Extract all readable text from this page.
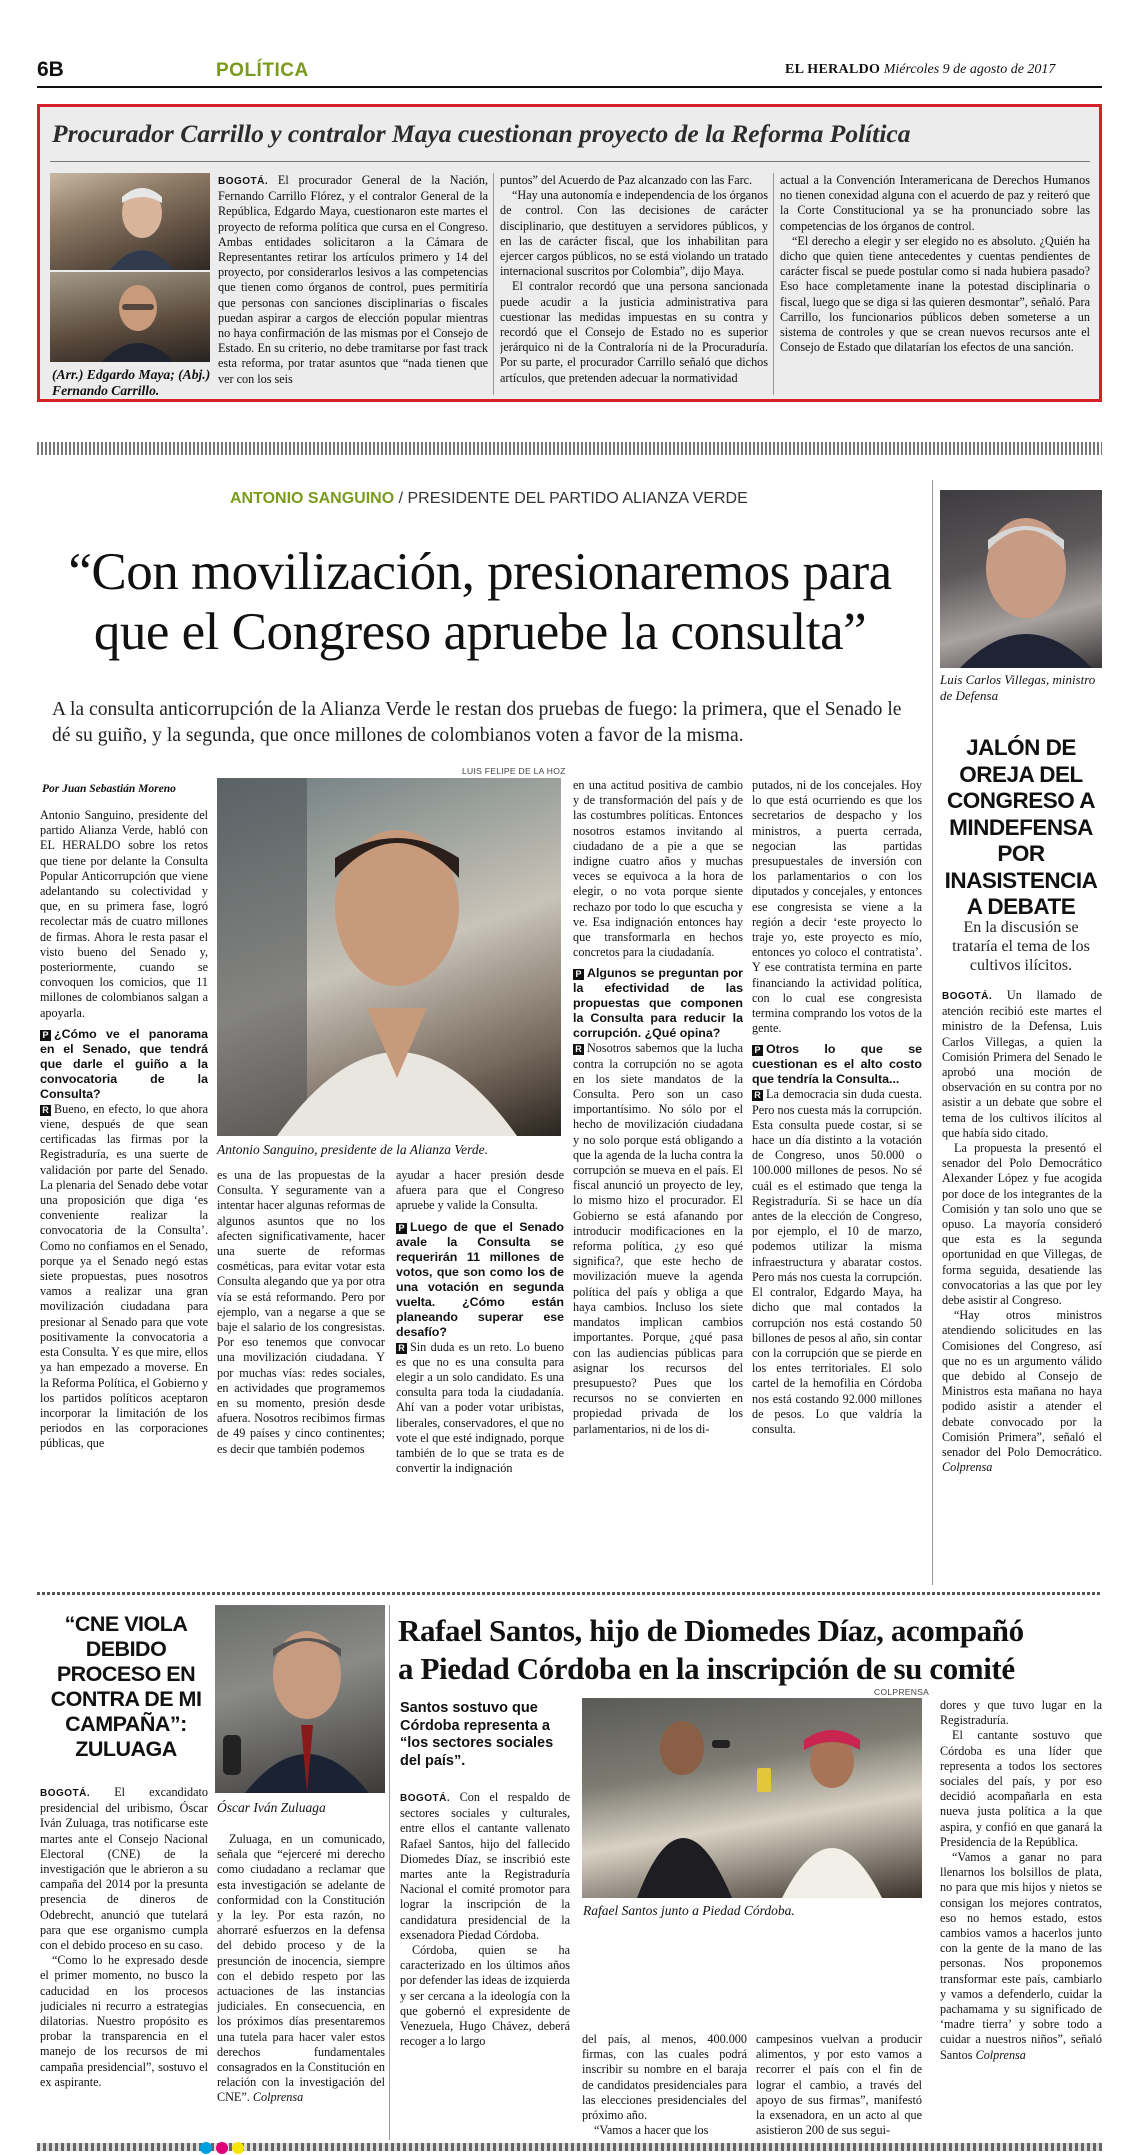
6B	POLÍTICA	EL HERALDO Miércoles 9 de agosto de 2017
Procurador Carrillo y contralor Maya cuestionan proyecto de la Reforma Política
(Arr.) Edgardo Maya; (Abj.) Fernando Carrillo.

BOGOTÁ. El procurador General de la Nación, Fernando Carrillo Flórez, y el contralor General de la República, Edgardo Maya, cuestionaron este martes el proyecto de reforma política que cursa en el Congreso. Ambas entidades solicitaron a la Cámara de Representantes retirar los artículos primero y 14 del proyecto, por considerarlos lesivos a las competencias que tienen como órganos de control, pues permitiría que personas con sanciones disciplinarias o fiscales puedan aspirar a cargos de elección popular mientras no haya confirmación de las mismas por el Consejo de Estado. En su criterio, no debe tramitarse por fast track esta reforma, por tratar asuntos que “nada tienen que ver con los seis

puntos” del Acuerdo de Paz alcanzado con las Farc.

“Hay una autonomía e independencia de los órganos de control. Con las decisiones de carácter disciplinario, que destituyen a servidores públicos, y en las de carácter fiscal, que los inhabilitan para ejercer cargos públicos, no se está violando un tratado internacional suscritos por Colombia”, dijo Maya.

El contralor recordó que una persona sancionada puede acudir a la justicia administrativa para cuestionar las medidas impuestas en su contra y recordó que el Consejo de Estado no es superior jerárquico ni de la Contraloría ni de la Procuraduría. Por su parte, el procurador Carrillo señaló que dichos artículos, que pretenden adecuar la normatividad

actual a la Convención Interamericana de Derechos Humanos no tienen conexidad alguna con el acuerdo de paz y reiteró que la Corte Constitucional ya se ha pronunciado sobre las competencias de los órganos de control.

“El derecho a elegir y ser elegido no es absoluto. ¿Quién ha dicho que quien tiene antecedentes y cuentas pendientes de carácter fiscal se puede postular como si nada hubiera pasado? Eso hace completamente inane la potestad disciplinaria o fiscal, luego que se diga si las quieren desmontar”, señaló. Para Carrillo, los funcionarios públicos deben someterse a un sistema de controles y que se crean nuevos recursos ante el Consejo de Estado que dilatarían los efectos de una sanción.

ANTONIO SANGUINO / PRESIDENTE DEL PARTIDO ALIANZA VERDE
“Con movilización, presionaremos para
que el Congreso apruebe la consulta”
A la consulta anticorrupción de la Alianza Verde le restan dos pruebas de fuego: la primera, que el Senado le dé su guiño, y la segunda, que once millones de colombianos voten a favor de la misma.
Por Juan Sebastián Moreno
LUIS FELIPE DE LA HOZ
Antonio Sanguino, presidente de la Alianza Verde.

Antonio Sanguino, presidente del partido Alianza Verde, habló con EL HERALDO sobre los retos que tiene por delante la Consulta Popular Anticorrupción que viene adelantando su colectividad y que, en su primera fase, logró recolectar más de cuatro millones de firmas. Ahora le resta pasar el visto bueno del Senado y, posteriormente, cuando se convoquen los comicios, que 11 millones de colombianos salgan a apoyarla.

P ¿Cómo ve el panorama en el Senado, que tendrá que darle el guiño a la convocatoria de la Consulta?

R Bueno, en efecto, lo que ahora viene, después de que sean certificadas las firmas por la Registraduría, es una suerte de validación por parte del Senado. La plenaria del Senado debe votar una proposición que diga ‘es conveniente realizar la convocatoria de la Consulta’. Como no confiamos en el Senado, porque ya el Senado negó estas siete propuestas, pues nosotros vamos a realizar una gran movilización ciudadana para presionar al Senado para que vote positivamente la convocatoria a esta Consulta. Y es que mire, ellos ya han empezado a moverse. En la Reforma Política, el Gobierno y los partidos políticos aceptaron incorporar la limitación de los periodos en las corporaciones públicas, que

es una de las propuestas de la Consulta. Y seguramente van a intentar hacer algunas reformas de algunos asuntos que no los afecten significativamente, hacer una suerte de reformas cosméticas, para evitar votar esta Consulta alegando que ya por otra vía se está reformando. Pero por ejemplo, van a negarse a que se baje el salario de los congresistas. Por eso tenemos que convocar una movilización ciudadana. Y por muchas vías: redes sociales, en actividades que programemos en su momento, presión desde afuera. Nosotros recibimos firmas de 49 países y cinco continentes; es decir que también podemos

ayudar a hacer presión desde afuera para que el Congreso apruebe y valide la Consulta.

P Luego de que el Senado avale la Consulta se requerirán 11 millones de votos, que son como los de una votación en segunda vuelta. ¿Cómo están planeando superar ese desafío?

R Sin duda es un reto. Lo bueno es que no es una consulta para elegir a un solo candidato. Es una consulta para toda la ciudadanía. Ahí van a poder votar uribistas, liberales, conservadores, el que no vote el que esté indignado, porque también de lo que se trata es de convertir la indignación

en una actitud positiva de cambio y de transformación del país y de las costumbres políticas. Entonces nosotros estamos invitando al ciudadano de a pie a que se indigne cuatro años y muchas veces se equivoca a la hora de elegir, o no vota porque siente rechazo por todo lo que escucha y ve. Esa indignación entonces hay que transformarla en hechos concretos para la ciudadanía.

P Algunos se preguntan por la efectividad de las propuestas que componen la Consulta para reducir la corrupción. ¿Qué opina?

R Nosotros sabemos que la lucha contra la corrupción no se agota en los siete mandatos de la Consulta. Pero son un caso importantísimo. No sólo por el hecho de movilización ciudadana y no solo porque está obligando a que la agenda de la lucha contra la corrupción se mueva en el país. El fiscal anunció un proyecto de ley, lo mismo hizo el procurador. El Gobierno se está afanando por introducir modificaciones en la reforma política, ¿y eso qué significa?, que este hecho de movilización mueve la agenda política del país y obliga a que haya cambios. Incluso los siete mandatos implican cambios importantes. Porque, ¿qué pasa con las audiencias públicas para asignar los recursos del presupuesto? Pues que los recursos no se convierten en propiedad privada de los parlamentarios, ni de los di-

putados, ni de los concejales. Hoy lo que está ocurriendo es que los secretarios de despacho y los ministros, a puerta cerrada, negocian las partidas presupuestales de inversión con los parlamentarios o con los diputados y concejales, y entonces ese congresista se viene a la región a decir ‘este proyecto lo traje yo, este proyecto es mío, entonces yo coloco el contratista’. Y ese contratista termina en parte financiando la actividad política, con lo cual ese congresista termina comprando los votos de la gente.

P Otros lo que se cuestionan es el alto costo que tendría la Consulta...

R La democracia sin duda cuesta. Pero nos cuesta más la corrupción. Esta consulta puede costar, si se hace un día distinto a la votación de Congreso, unos 50.000 o 100.000 millones de pesos. No sé cuál es el estimado que tenga la Registraduría. Si se hace un día antes de la elección de Congreso, por ejemplo, el 10 de marzo, podemos utilizar la misma infraestructura y abaratar costos. Pero más nos cuesta la corrupción. El contralor, Edgardo Maya, ha dicho que mal contados la corrupción nos está costando 50 billones de pesos al año, sin contar con la corrupción que se pierde en los entes territoriales. El solo cartel de la hemofilia en Córdoba nos está costando 92.000 millones de pesos. Lo que valdría la consulta.

Luis Carlos Villegas, ministro de Defensa
JALÓN DE OREJA DEL CONGRESO A MINDEFENSA POR INASISTENCIA A DEBATE
En la discusión se trataría el tema de los cultivos ilícitos.

BOGOTÁ. Un llamado de atención recibió este martes el ministro de la Defensa, Luis Carlos Villegas, a quien la Comisión Primera del Senado le aprobó una moción de observación en su contra por no asistir a un debate que sobre el tema de los cultivos ilícitos al que había sido citado.

La propuesta la presentó el senador del Polo Democrático Alexander López y fue acogida por doce de los integrantes de la Comisión y tan solo uno que se opuso. La mayoría consideró que esta es la segunda oportunidad en que Villegas, de forma seguida, desatiende las convocatorias a las que por ley debe asistir al Congreso.

“Hay otros ministros atendiendo solicitudes en las Comisiones del Congreso, así que no es un argumento válido que debido al Consejo de Ministros esta mañana no haya podido asistir a atender el debate convocado por la Comisión Primera”, señaló el senador del Polo Democrático. Colprensa

“CNE VIOLA DEBIDO PROCESO EN CONTRA DE MI CAMPAÑA”: ZULUAGA
Óscar Iván Zuluaga

BOGOTÁ. El excandidato presidencial del uribismo, Óscar Iván Zuluaga, tras notificarse este martes ante el Consejo Nacional Electoral (CNE) de la investigación que le abrieron a su campaña del 2014 por la presunta presencia de dineros de Odebrecht, anunció que tutelará para que ese organismo cumpla con el debido proceso en su caso.

“Como lo he expresado desde el primer momento, no busco la caducidad en los procesos judiciales ni recurro a estrategias dilatorias. Nuestro propósito es probar la transparencia en el manejo de los recursos de mi campaña presidencial”, sostuvo el ex aspirante.

Zuluaga, en un comunicado, señala que “ejerceré mi derecho como ciudadano a reclamar que esta investigación se adelante de conformidad con la Constitución y la ley. Por esta razón, no ahorraré esfuerzos en la defensa del debido proceso y de la presunción de inocencia, siempre con el debido respeto por las actuaciones de las instancias judiciales. En consecuencia, en los próximos días presentaremos una tutela para hacer valer estos derechos fundamentales consagrados en la Constitución en relación con la investigación del CNE”. Colprensa

Rafael Santos, hijo de Diomedes Díaz, acompañó
a Piedad Córdoba en la inscripción de su comité
Santos sostuvo que Córdoba representa a “los sectores sociales del país”.
COLPRENSA
Rafael Santos junto a Piedad Córdoba.

BOGOTÁ. Con el respaldo de sectores sociales y culturales, entre ellos el cantante vallenato Rafael Santos, hijo del fallecido Diomedes Díaz, se inscribió este martes ante la Registraduría Nacional el comité promotor para lograr la inscripción de la candidatura presidencial de la exsenadora Piedad Córdoba.

Córdoba, quien se ha caracterizado en los últimos años por defender las ideas de izquierda y ser cercana a la ideología con la que gobernó el expresidente de Venezuela, Hugo Chávez, deberá recoger a lo largo	del país, al menos, 400.000 firmas, con las cuales podrá inscribir su nombre en el baraja de candidatos presidenciales para las elecciones presidenciales del próximo año.

“Vamos a hacer que los

campesinos vuelvan a producir alimentos, y por esto vamos a recorrer el país con el fin de lograr el cambio, a través del apoyo de sus firmas”, manifestó la exsenadora, en un acto al que asistieron 200 de sus segui-

dores y que tuvo lugar en la Registraduría.

El cantante sostuvo que Córdoba es una líder que representa a todos los sectores sociales del país, y por eso decidió acompañarla en esta nueva justa política a la que aspira, y confió en que ganará la Presidencia de la República.

“Vamos a ganar no para llenarnos los bolsillos de plata, no para que mis hijos y nietos se consigan los mejores contratos, eso no hemos estado, estos cambios vamos a hacerlos junto con la gente de la mano de las personas. Nos proponemos transformar este país, cambiarlo y vamos a defenderlo, cuidar la pachamama y su significado de ‘madre tierra’ y sobre todo a cuidar a nuestros niños”, señaló Santos Colprensa
